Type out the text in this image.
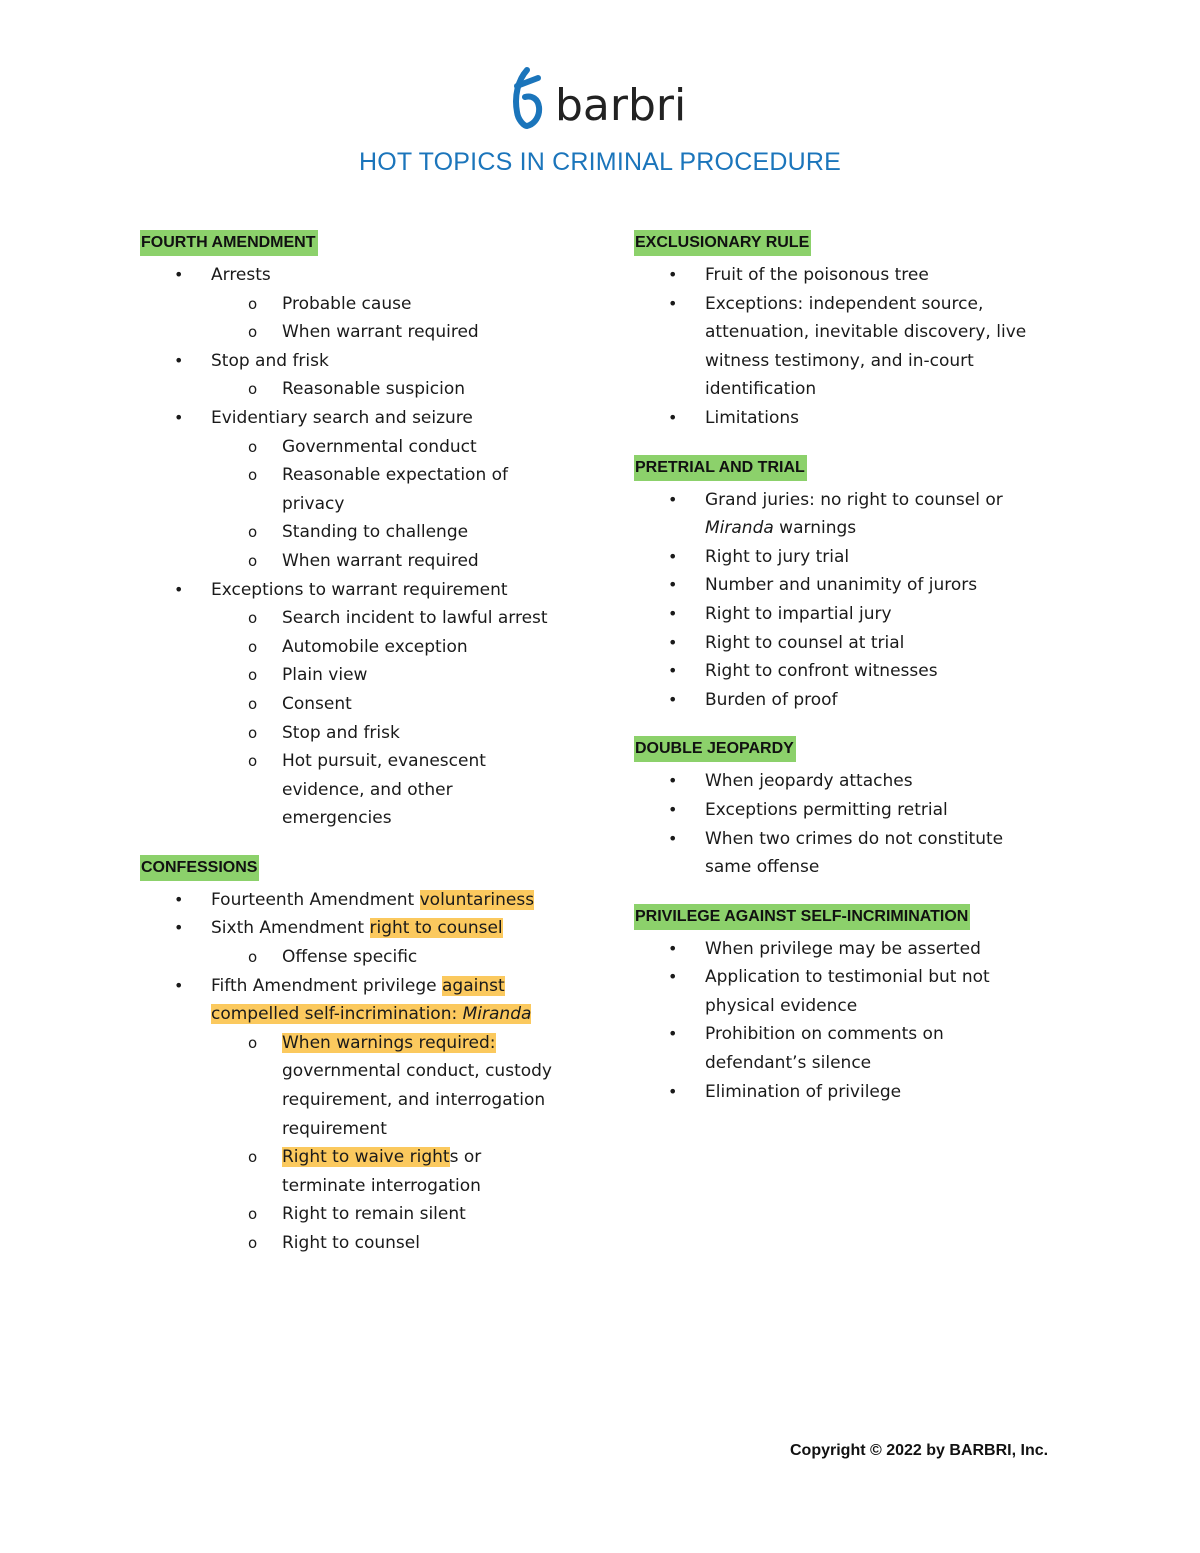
barbri
HOT TOPICS IN CRIMINAL PROCEDURE
FOURTH AMENDMENT
• Arrests
o Probable cause
o When warrant required
• Stop and frisk
o Reasonable suspicion
• Evidentiary search and seizure
o Governmental conduct
o Reasonable expectation of
privacy
o Standing to challenge
o When warrant required
• Exceptions to warrant requirement
o Search incident to lawful arrest
o Automobile exception
o Plain view
o Consent
o Stop and frisk
o Hot pursuit, evanescent
evidence, and other
emergencies
CONFESSIONS
• Fourteenth Amendment voluntariness
• Sixth Amendment right to counsel
o Offense specific
• Fifth Amendment privilege against
compelled self-incrimination: Miranda
o When warnings required:
governmental conduct, custody
requirement, and interrogation
requirement
o Right to waive rights or
terminate interrogation
o Right to remain silent
o Right to counsel
EXCLUSIONARY RULE
• Fruit of the poisonous tree
• Exceptions: independent source,
attenuation, inevitable discovery, live
witness testimony, and in-court
identification
• Limitations
PRETRIAL AND TRIAL
• Grand juries: no right to counsel or
Miranda warnings
• Right to jury trial
• Number and unanimity of jurors
• Right to impartial jury
• Right to counsel at trial
• Right to confront witnesses
• Burden of proof
DOUBLE JEOPARDY
• When jeopardy attaches
• Exceptions permitting retrial
• When two crimes do not constitute
same offense
PRIVILEGE AGAINST SELF-INCRIMINATION
• When privilege may be asserted
• Application to testimonial but not
physical evidence
• Prohibition on comments on
defendant’s silence
• Elimination of privilege
Copyright © 2022 by BARBRI, Inc.
